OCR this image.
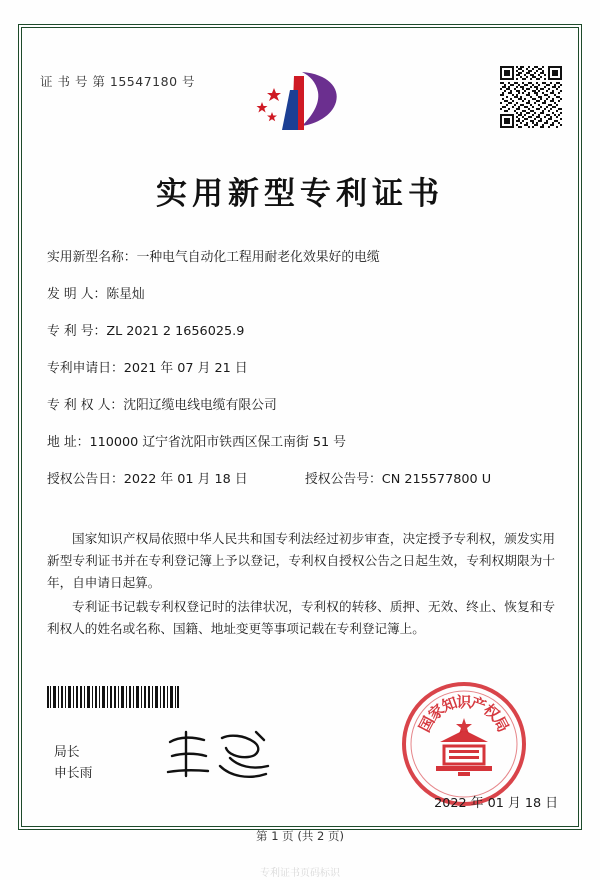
证 书 号 第 15547180 号
实用新型专利证书
实用新型名称：一种电气自动化工程用耐老化效果好的电缆
发 明 人：陈星灿
专 利 号：ZL 2021 2 1656025.9
专利申请日：2021 年 07 月 21 日
专 利 权 人：沈阳辽缆电线电缆有限公司
地 址：110000 辽宁省沈阳市铁西区保工南街 51 号
授权公告日：2022 年 01 月 18 日	授权公告号：CN 215577800 U

国家知识产权局依照中华人民共和国专利法经过初步审查，决定授予专利权，颁发实用新型专利证书并在专利登记簿上予以登记，专利权自授权公告之日起生效，专利权期限为十年，自申请日起算。

专利证书记载专利权登记时的法律状况，专利权的转移、质押、无效、终止、恢复和专利权人的姓名或名称、国籍、地址变更等事项记载在专利登记簿上。

国
家
知
识
产
权
局
局长
申长雨
2022 年 01 月 18 日
第 1 页 (共 2 页)
专利证书页码标识
